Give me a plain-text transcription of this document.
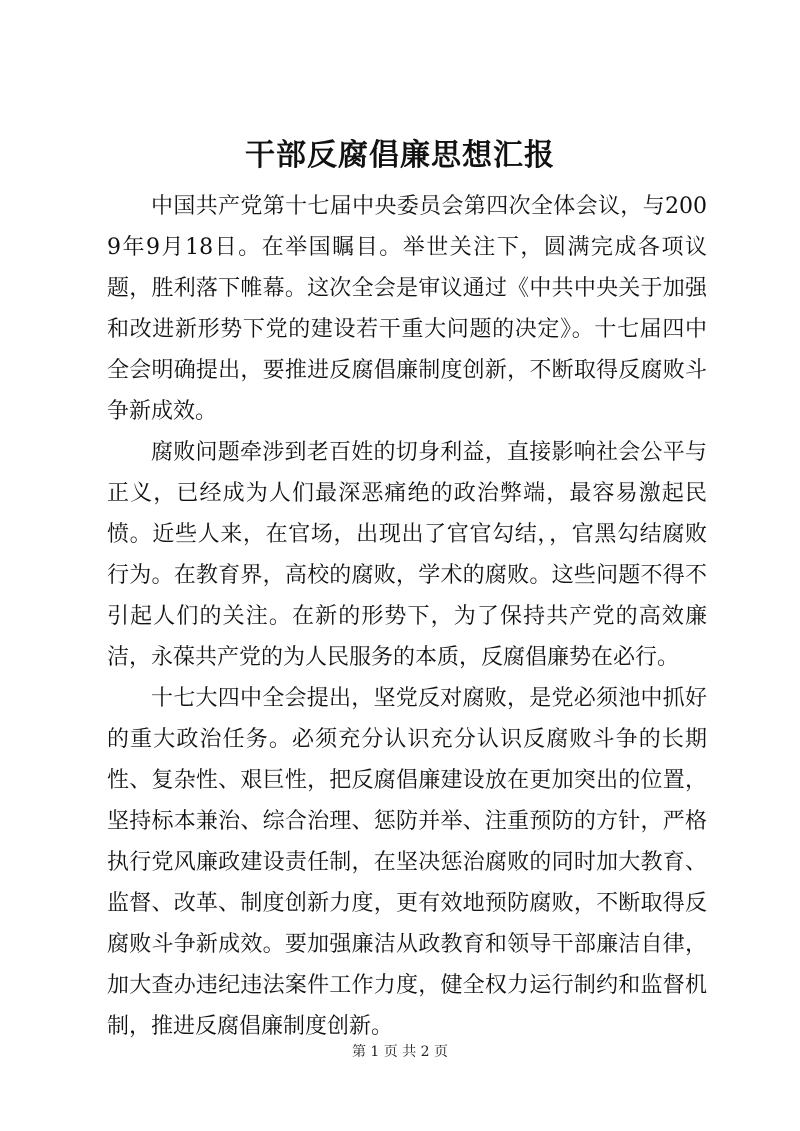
干部反腐倡廉思想汇报

中国共产党第十七届中央委员会第四次全体会议，与2009年9月18日。在举国瞩目。举世关注下，圆满完成各项议题，胜利落下帷幕。这次全会是审议通过《中共中央关于加强和改进新形势下党的建设若干重大问题的决定》。十七届四中全会明确提出，要推进反腐倡廉制度创新，不断取得反腐败斗争新成效。

腐败问题牵涉到老百姓的切身利益，直接影响社会公平与正义，已经成为人们最深恶痛绝的政治弊端，最容易激起民愤。近些人来，在官场，出现出了官官勾结，，官黑勾结腐败行为。在教育界，高校的腐败，学术的腐败。这些问题不得不引起人们的关注。在新的形势下，为了保持共产党的高效廉洁，永葆共产党的为人民服务的本质，反腐倡廉势在必行。

十七大四中全会提出，坚党反对腐败，是党必须池中抓好的重大政治任务。必须充分认识充分认识反腐败斗争的长期性、复杂性、艰巨性，把反腐倡廉建设放在更加突出的位置，坚持标本兼治、综合治理、惩防并举、注重预防的方针，严格执行党风廉政建设责任制，在坚决惩治腐败的同时加大教育、监督、改革、制度创新力度，更有效地预防腐败，不断取得反腐败斗争新成效。要加强廉洁从政教育和领导干部廉洁自律，加大查办违纪违法案件工作力度，健全权力运行制约和监督机制，推进反腐倡廉制度创新。

第 1 页 共 2 页
